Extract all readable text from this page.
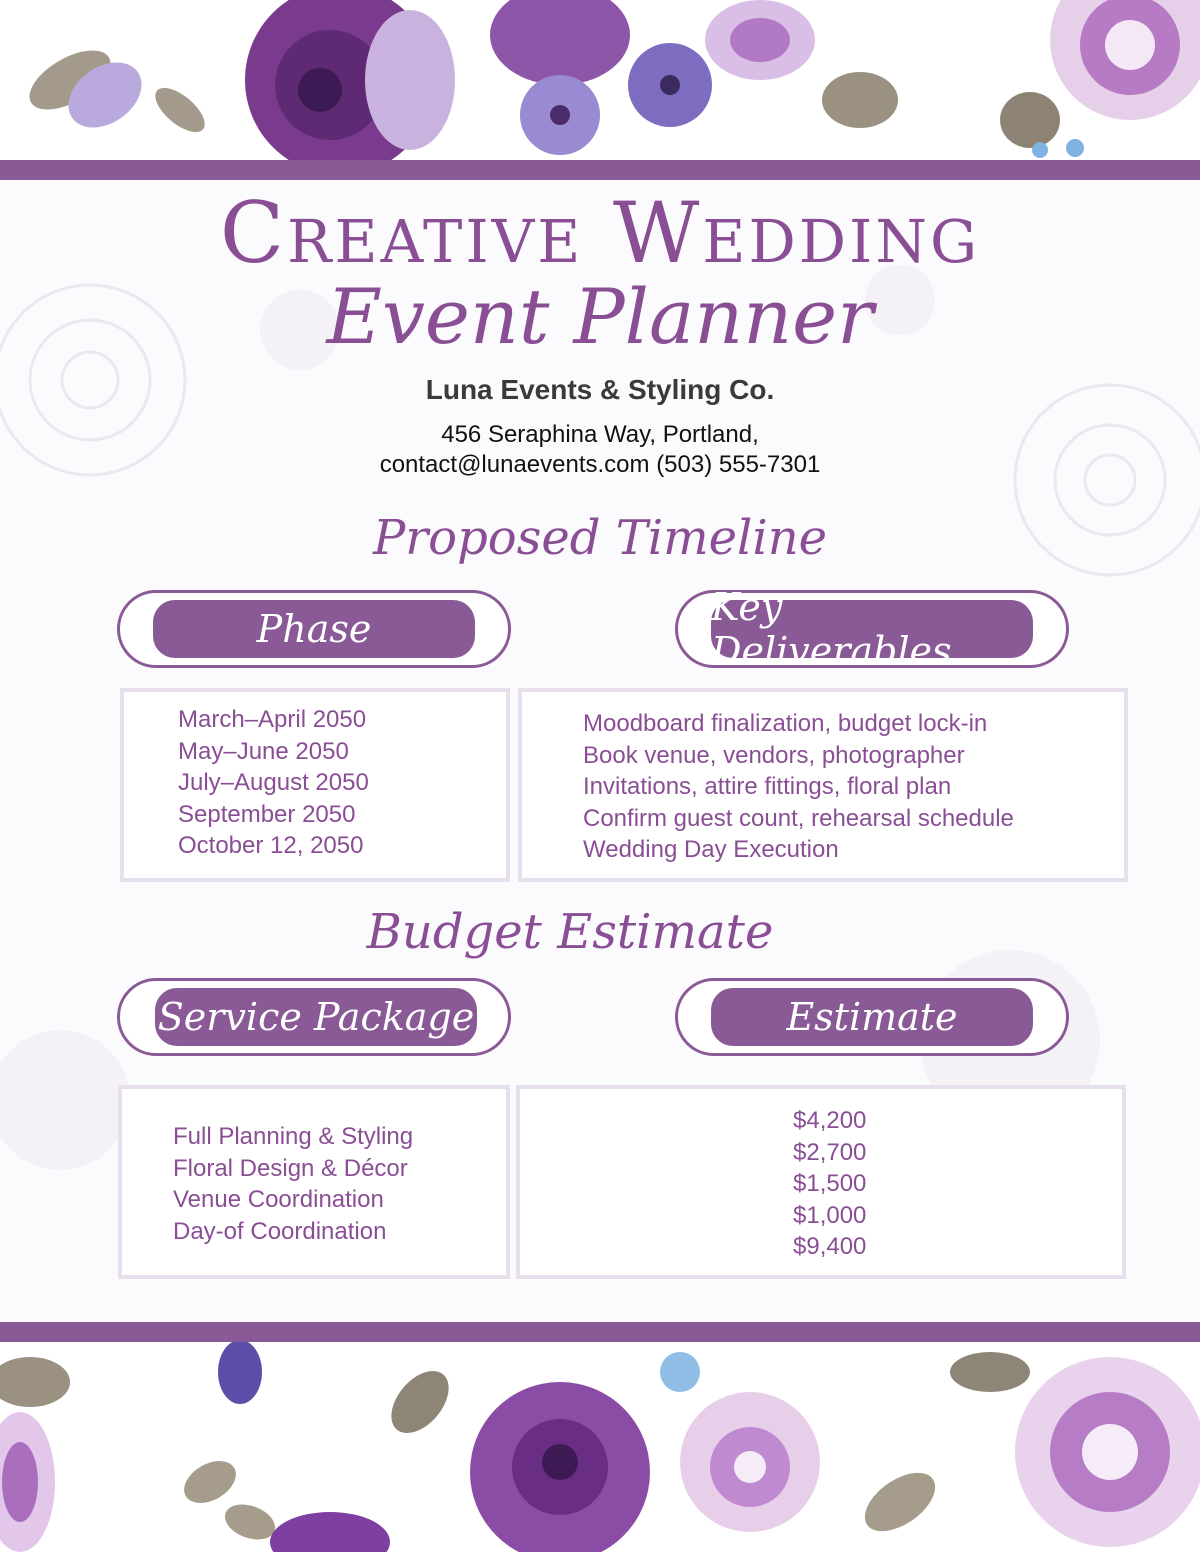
Creative Wedding
Event Planner
Luna Events & Styling Co.
456 Seraphina Way, Portland,
contact@lunaevents.com (503) 555-7301
Proposed Timeline
Phase	Key Deliverables
March–April 2050
May–June 2050
July–August 2050
September 2050
October 12, 2050
Moodboard finalization, budget lock-in
Book venue, vendors, photographer
Invitations, attire fittings, floral plan
Confirm guest count, rehearsal schedule
Wedding Day Execution
Budget Estimate
Service Package	Estimate
Full Planning & Styling
Floral Design & Décor
Venue Coordination
Day-of Coordination
$4,200
$2,700
$1,500
$1,000
$9,400
